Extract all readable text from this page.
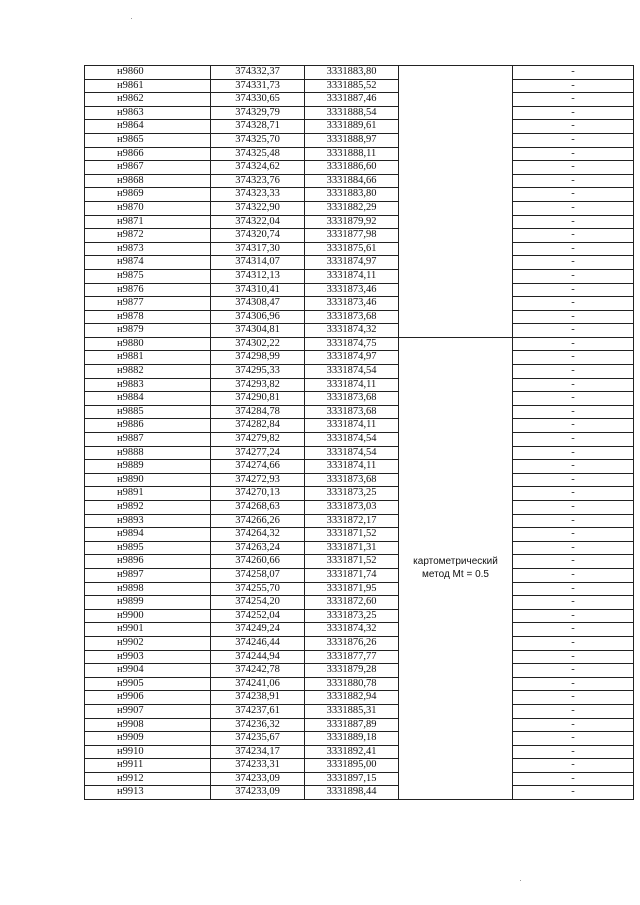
н9860	374332,37	3331883,80		-
н9861	374331,73	3331885,52		-
н9862	374330,65	3331887,46		-
н9863	374329,79	3331888,54		-
н9864	374328,71	3331889,61		-
н9865	374325,70	3331888,97		-
н9866	374325,48	3331888,11		-
н9867	374324,62	3331886,60		-
н9868	374323,76	3331884,66		-
н9869	374323,33	3331883,80		-
н9870	374322,90	3331882,29		-
н9871	374322,04	3331879,92		-
н9872	374320,74	3331877,98		-
н9873	374317,30	3331875,61		-
н9874	374314,07	3331874,97		-
н9875	374312,13	3331874,11		-
н9876	374310,41	3331873,46		-
н9877	374308,47	3331873,46		-
н9878	374306,96	3331873,68		-
н9879	374304,81	3331874,32		-
н9880	374302,22	3331874,75	картометрический
метод Mt = 0.5	-
н9881	374298,99	3331874,97		-
н9882	374295,33	3331874,54		-
н9883	374293,82	3331874,11		-
н9884	374290,81	3331873,68		-
н9885	374284,78	3331873,68		-
н9886	374282,84	3331874,11		-
н9887	374279,82	3331874,54		-
н9888	374277,24	3331874,54		-
н9889	374274,66	3331874,11		-
н9890	374272,93	3331873,68		-
н9891	374270,13	3331873,25		-
н9892	374268,63	3331873,03		-
н9893	374266,26	3331872,17		-
н9894	374264,32	3331871,52		-
н9895	374263,24	3331871,31		-
н9896	374260,66	3331871,52		-
н9897	374258,07	3331871,74		-
н9898	374255,70	3331871,95		-
н9899	374254,20	3331872,60		-
н9900	374252,04	3331873,25		-
н9901	374249,24	3331874,32		-
н9902	374246,44	3331876,26		-
н9903	374244,94	3331877,77		-
н9904	374242,78	3331879,28		-
н9905	374241,06	3331880,78		-
н9906	374238,91	3331882,94		-
н9907	374237,61	3331885,31		-
н9908	374236,32	3331887,89		-
н9909	374235,67	3331889,18		-
н9910	374234,17	3331892,41		-
н9911	374233,31	3331895,00		-
н9912	374233,09	3331897,15		-
н9913	374233,09	3331898,44		-
